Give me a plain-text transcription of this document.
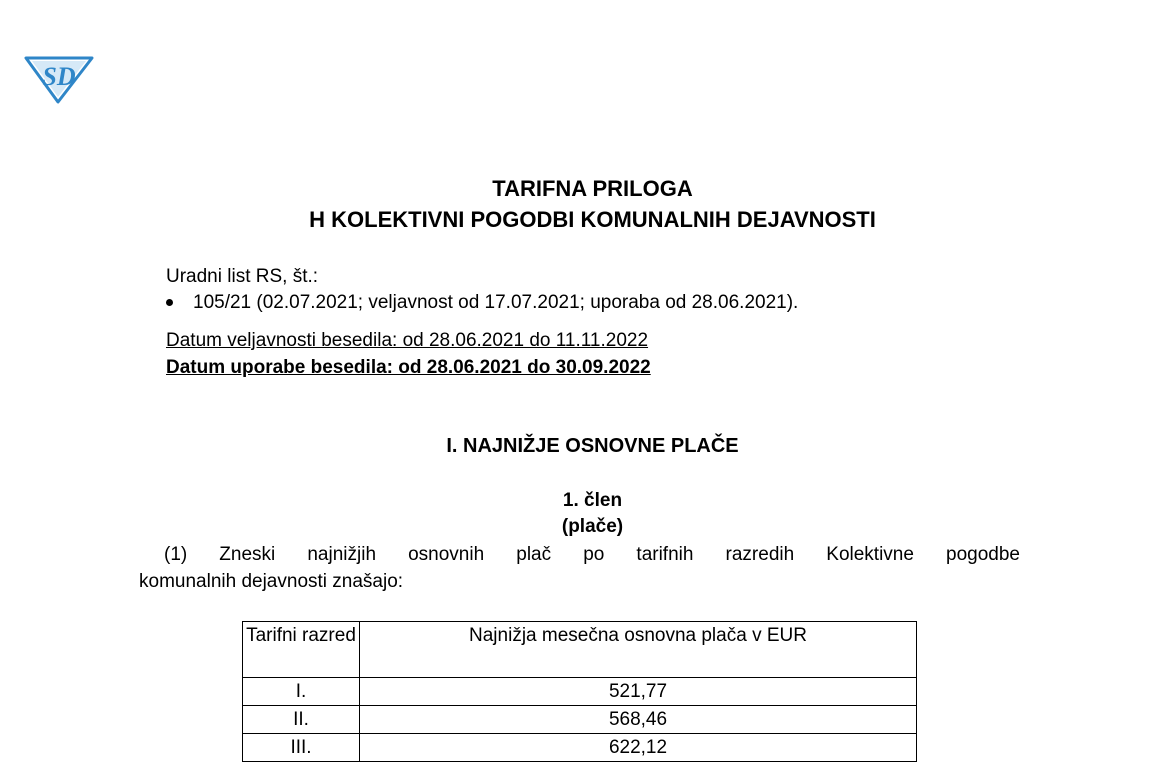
SD
TARIFNA PRILOGA
H KOLEKTIVNI POGODBI KOMUNALNIH DEJAVNOSTI
Uradni list RS, št.:
105/21 (02.07.2021; veljavnost od 17.07.2021; uporaba od 28.06.2021).
Datum veljavnosti besedila: od 28.06.2021 do 11.11.2022
Datum uporabe besedila: od 28.06.2021 do 30.09.2022
I. NAJNIŽJE OSNOVNE PLAČE
1. člen
(plače)
(1) Zneski najnižjih osnovnih plač po tarifnih razredih Kolektivne pogodbe
komunalnih dejavnosti znašajo:
Tarifni razred	Najnižja mesečna osnovna plača v EUR
I.	521,77
II.	568,46
III.	622,12
